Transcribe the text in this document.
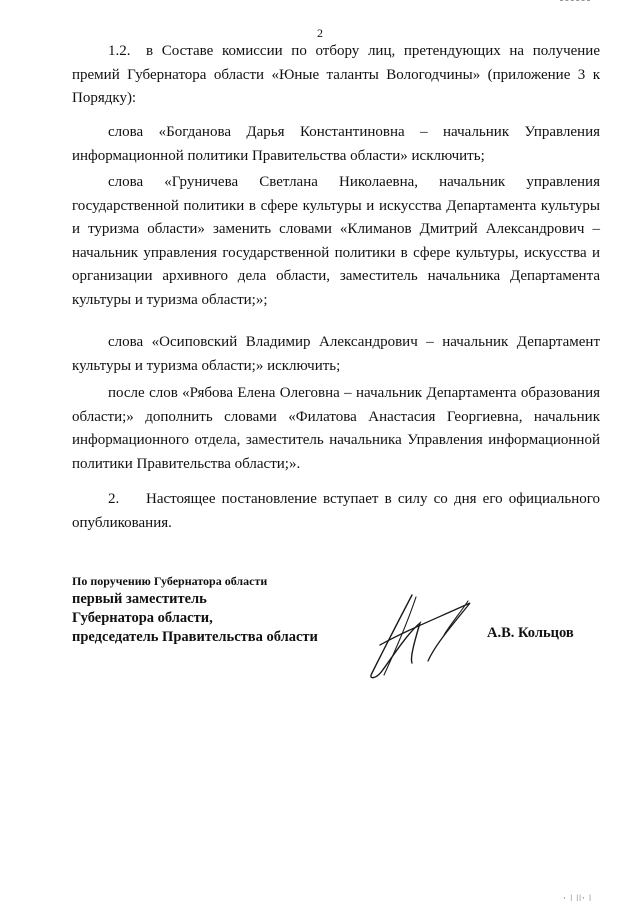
2

1.2. в Составе комиссии по отбору лиц, претендующих на получение премий Губернатора области «Юные таланты Вологодчины» (приложение 3 к Порядку):

слова «Богданова Дарья Константиновна – начальник Управления информационной политики Правительства области» исключить;

слова «Груничева Светлана Николаевна, начальник управления государственной политики в сфере культуры и искусства Департамента культуры и туризма области» заменить словами «Климанов Дмитрий Александрович – начальник управления государственной политики в сфере культуры, искусства и организации архивного дела области, заместитель начальника Департамента культуры и туризма области;»;

слова «Осиповский Владимир Александрович – начальник Департамент культуры и туризма области;» исключить;

после слов «Рябова Елена Олеговна – начальник Департамента образования области;» дополнить словами «Филатова Анастасия Георгиевна, начальник информационного отдела, заместитель начальника Управления информационной политики Правительства области;».

2. Настоящее постановление вступает в силу со дня его официального опубликования.

По поручению Губернатора области
первый заместитель
Губернатора области,
председатель Правительства области	А.В. Кольцов
· ǀ ǀǀ· ǀ
